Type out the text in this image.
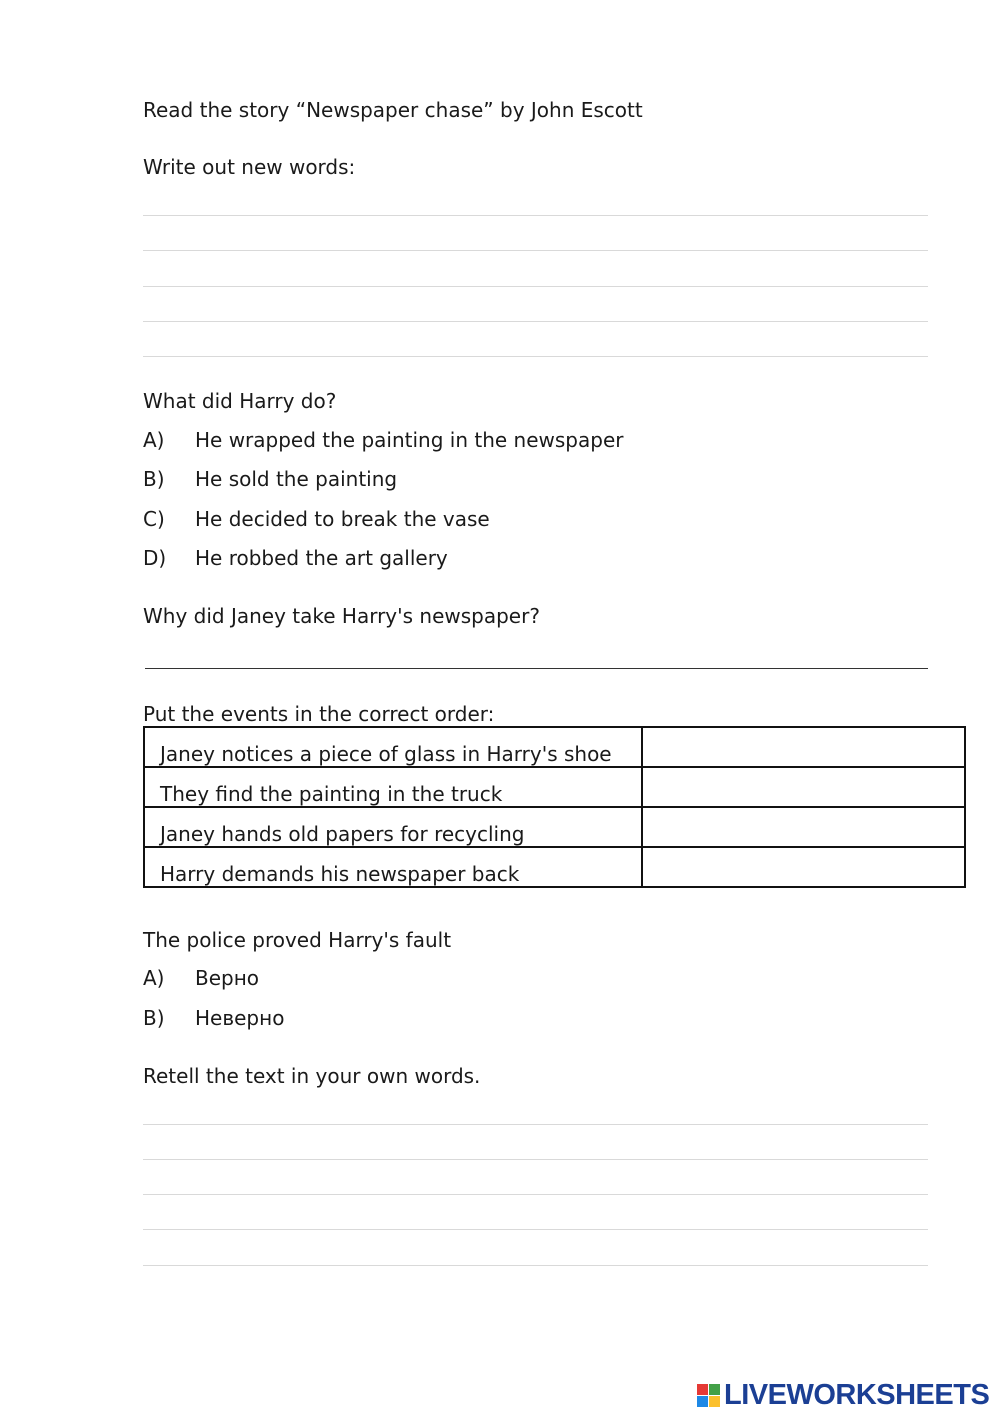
Read the story “Newspaper chase” by John Escott
Write out new words:
What did Harry do?
A) He wrapped the painting in the newspaper
B) He sold the painting
C) He decided to break the vase
D) He robbed the art gallery
Why did Janey take Harry's newspaper?
Put the events in the correct order:
Janey notices a piece of glass in Harry's shoe	
They find the painting in the truck	
Janey hands old papers for recycling	
Harry demands his newspaper back	
The police proved Harry's fault
A) Верно
B) Неверно
Retell the text in your own words.
LIVEWORKSHEETS
